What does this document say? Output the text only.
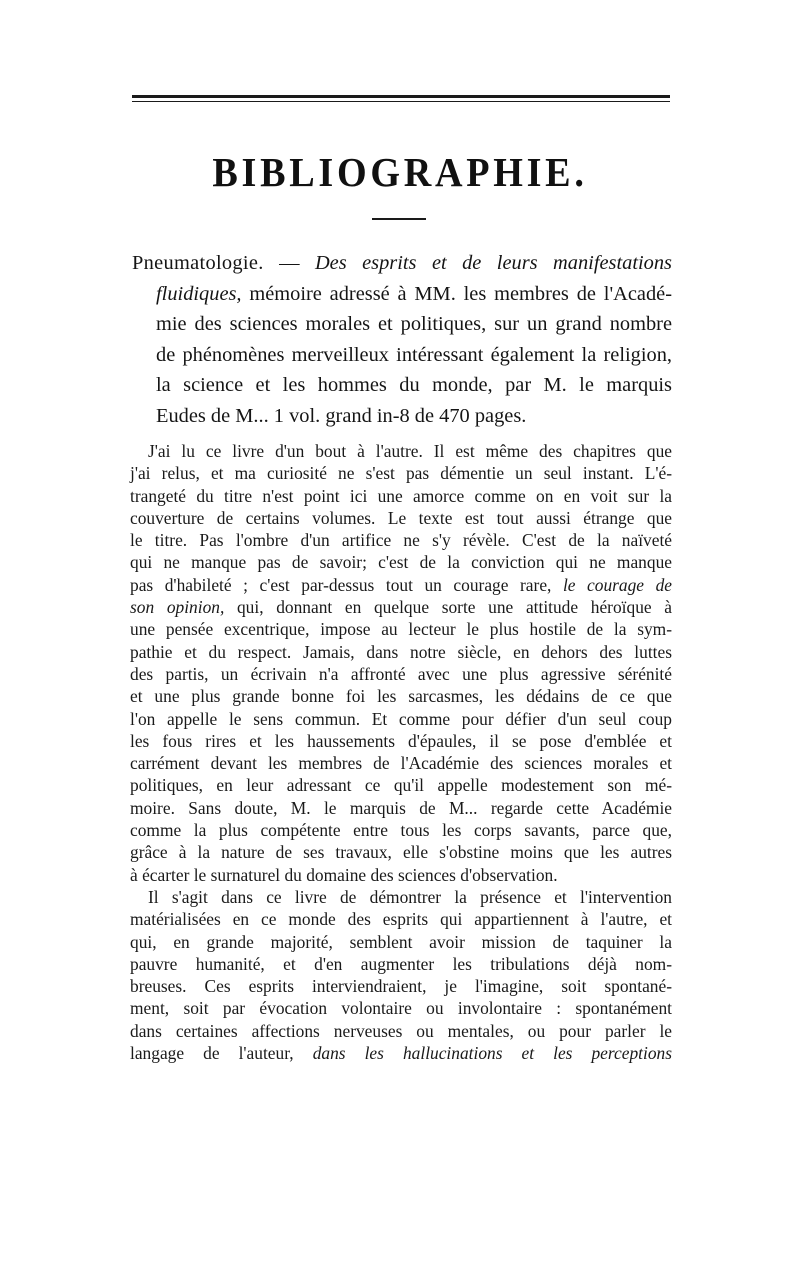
BIBLIOGRAPHIE.
Pneumatologie. — Des esprits et de leurs manifestations
fluidiques, mémoire adressé à MM. les membres de l'Acadé-
mie des sciences morales et politiques, sur un grand nombre
de phénomènes merveilleux intéressant également la religion,
la science et les hommes du monde, par M. le marquis
Eudes de M... 1 vol. grand in-8 de 470 pages.
J'ai lu ce livre d'un bout à l'autre. Il est même des chapitres que
j'ai relus, et ma curiosité ne s'est pas démentie un seul instant. L'é-
trangeté du titre n'est point ici une amorce comme on en voit sur la
couverture de certains volumes. Le texte est tout aussi étrange que
le titre. Pas l'ombre d'un artifice ne s'y révèle. C'est de la naïveté
qui ne manque pas de savoir; c'est de la conviction qui ne manque
pas d'habileté ; c'est par-dessus tout un courage rare, le courage de
son opinion, qui, donnant en quelque sorte une attitude héroïque à
une pensée excentrique, impose au lecteur le plus hostile de la sym-
pathie et du respect. Jamais, dans notre siècle, en dehors des luttes
des partis, un écrivain n'a affronté avec une plus agressive sérénité
et une plus grande bonne foi les sarcasmes, les dédains de ce que
l'on appelle le sens commun. Et comme pour défier d'un seul coup
les fous rires et les haussements d'épaules, il se pose d'emblée et
carrément devant les membres de l'Académie des sciences morales et
politiques, en leur adressant ce qu'il appelle modestement son mé-
moire. Sans doute, M. le marquis de M... regarde cette Académie
comme la plus compétente entre tous les corps savants, parce que,
grâce à la nature de ses travaux, elle s'obstine moins que les autres
à écarter le surnaturel du domaine des sciences d'observation.
Il s'agit dans ce livre de démontrer la présence et l'intervention
matérialisées en ce monde des esprits qui appartiennent à l'autre, et
qui, en grande majorité, semblent avoir mission de taquiner la
pauvre humanité, et d'en augmenter les tribulations déjà nom-
breuses. Ces esprits interviendraient, je l'imagine, soit spontané-
ment, soit par évocation volontaire ou involontaire : spontanément
dans certaines affections nerveuses ou mentales, ou pour parler le
langage de l'auteur, dans les hallucinations et les perceptions
